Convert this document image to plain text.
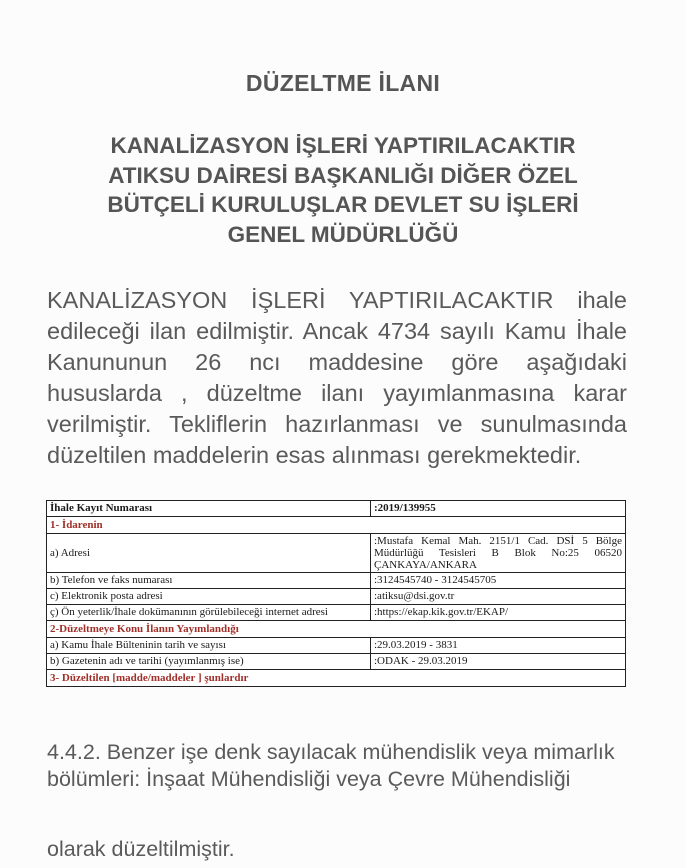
DÜZELTME İLANI
KANALİZASYON İŞLERİ YAPTIRILACAKTIR
ATIKSU DAİRESİ BAŞKANLIĞI DİĞER ÖZEL
BÜTÇELİ KURULUŞLAR DEVLET SU İŞLERİ
GENEL MÜDÜRLÜĞÜ

KANALİZASYON İŞLERİ YAPTIRILACAKTIR ihale edileceği ilan edilmiştir. Ancak 4734 sayılı Kamu İhale Kanununun 26 ncı maddesine göre aşağıdaki hususlarda , düzeltme ilanı yayımlanmasına karar verilmiştir. Tekliflerin hazırlanması ve sunulmasında düzeltilen maddelerin esas alınması gerekmektedir.

İhale Kayıt Numarası	:2019/139955
1- İdarenin	
a) Adresi	:Mustafa Kemal Mah. 2151/1 Cad. DSİ 5 Bölge Müdürlüğü Tesisleri B Blok No:25 06520 ÇANKAYA/ANKARA
b) Telefon ve faks numarası	:3124545740 - 3124545705
c) Elektronik posta adresi	:atiksu@dsi.gov.tr
ç) Ön yeterlik/İhale dokümanının görülebileceği internet adresi	:https://ekap.kik.gov.tr/EKAP/
2-Düzeltmeye Konu İlanın Yayımlandığı	
a) Kamu İhale Bülteninin tarih ve sayısı	:29.03.2019 - 3831
b) Gazetenin adı ve tarihi (yayımlanmış ise)	:ODAK - 29.03.2019
3- Düzeltilen [madde/maddeler ] şunlardır	

4.4.2. Benzer işe denk sayılacak mühendislik veya mimarlık bölümleri: İnşaat Mühendisliği veya Çevre Mühendisliği

olarak düzeltilmiştir.
